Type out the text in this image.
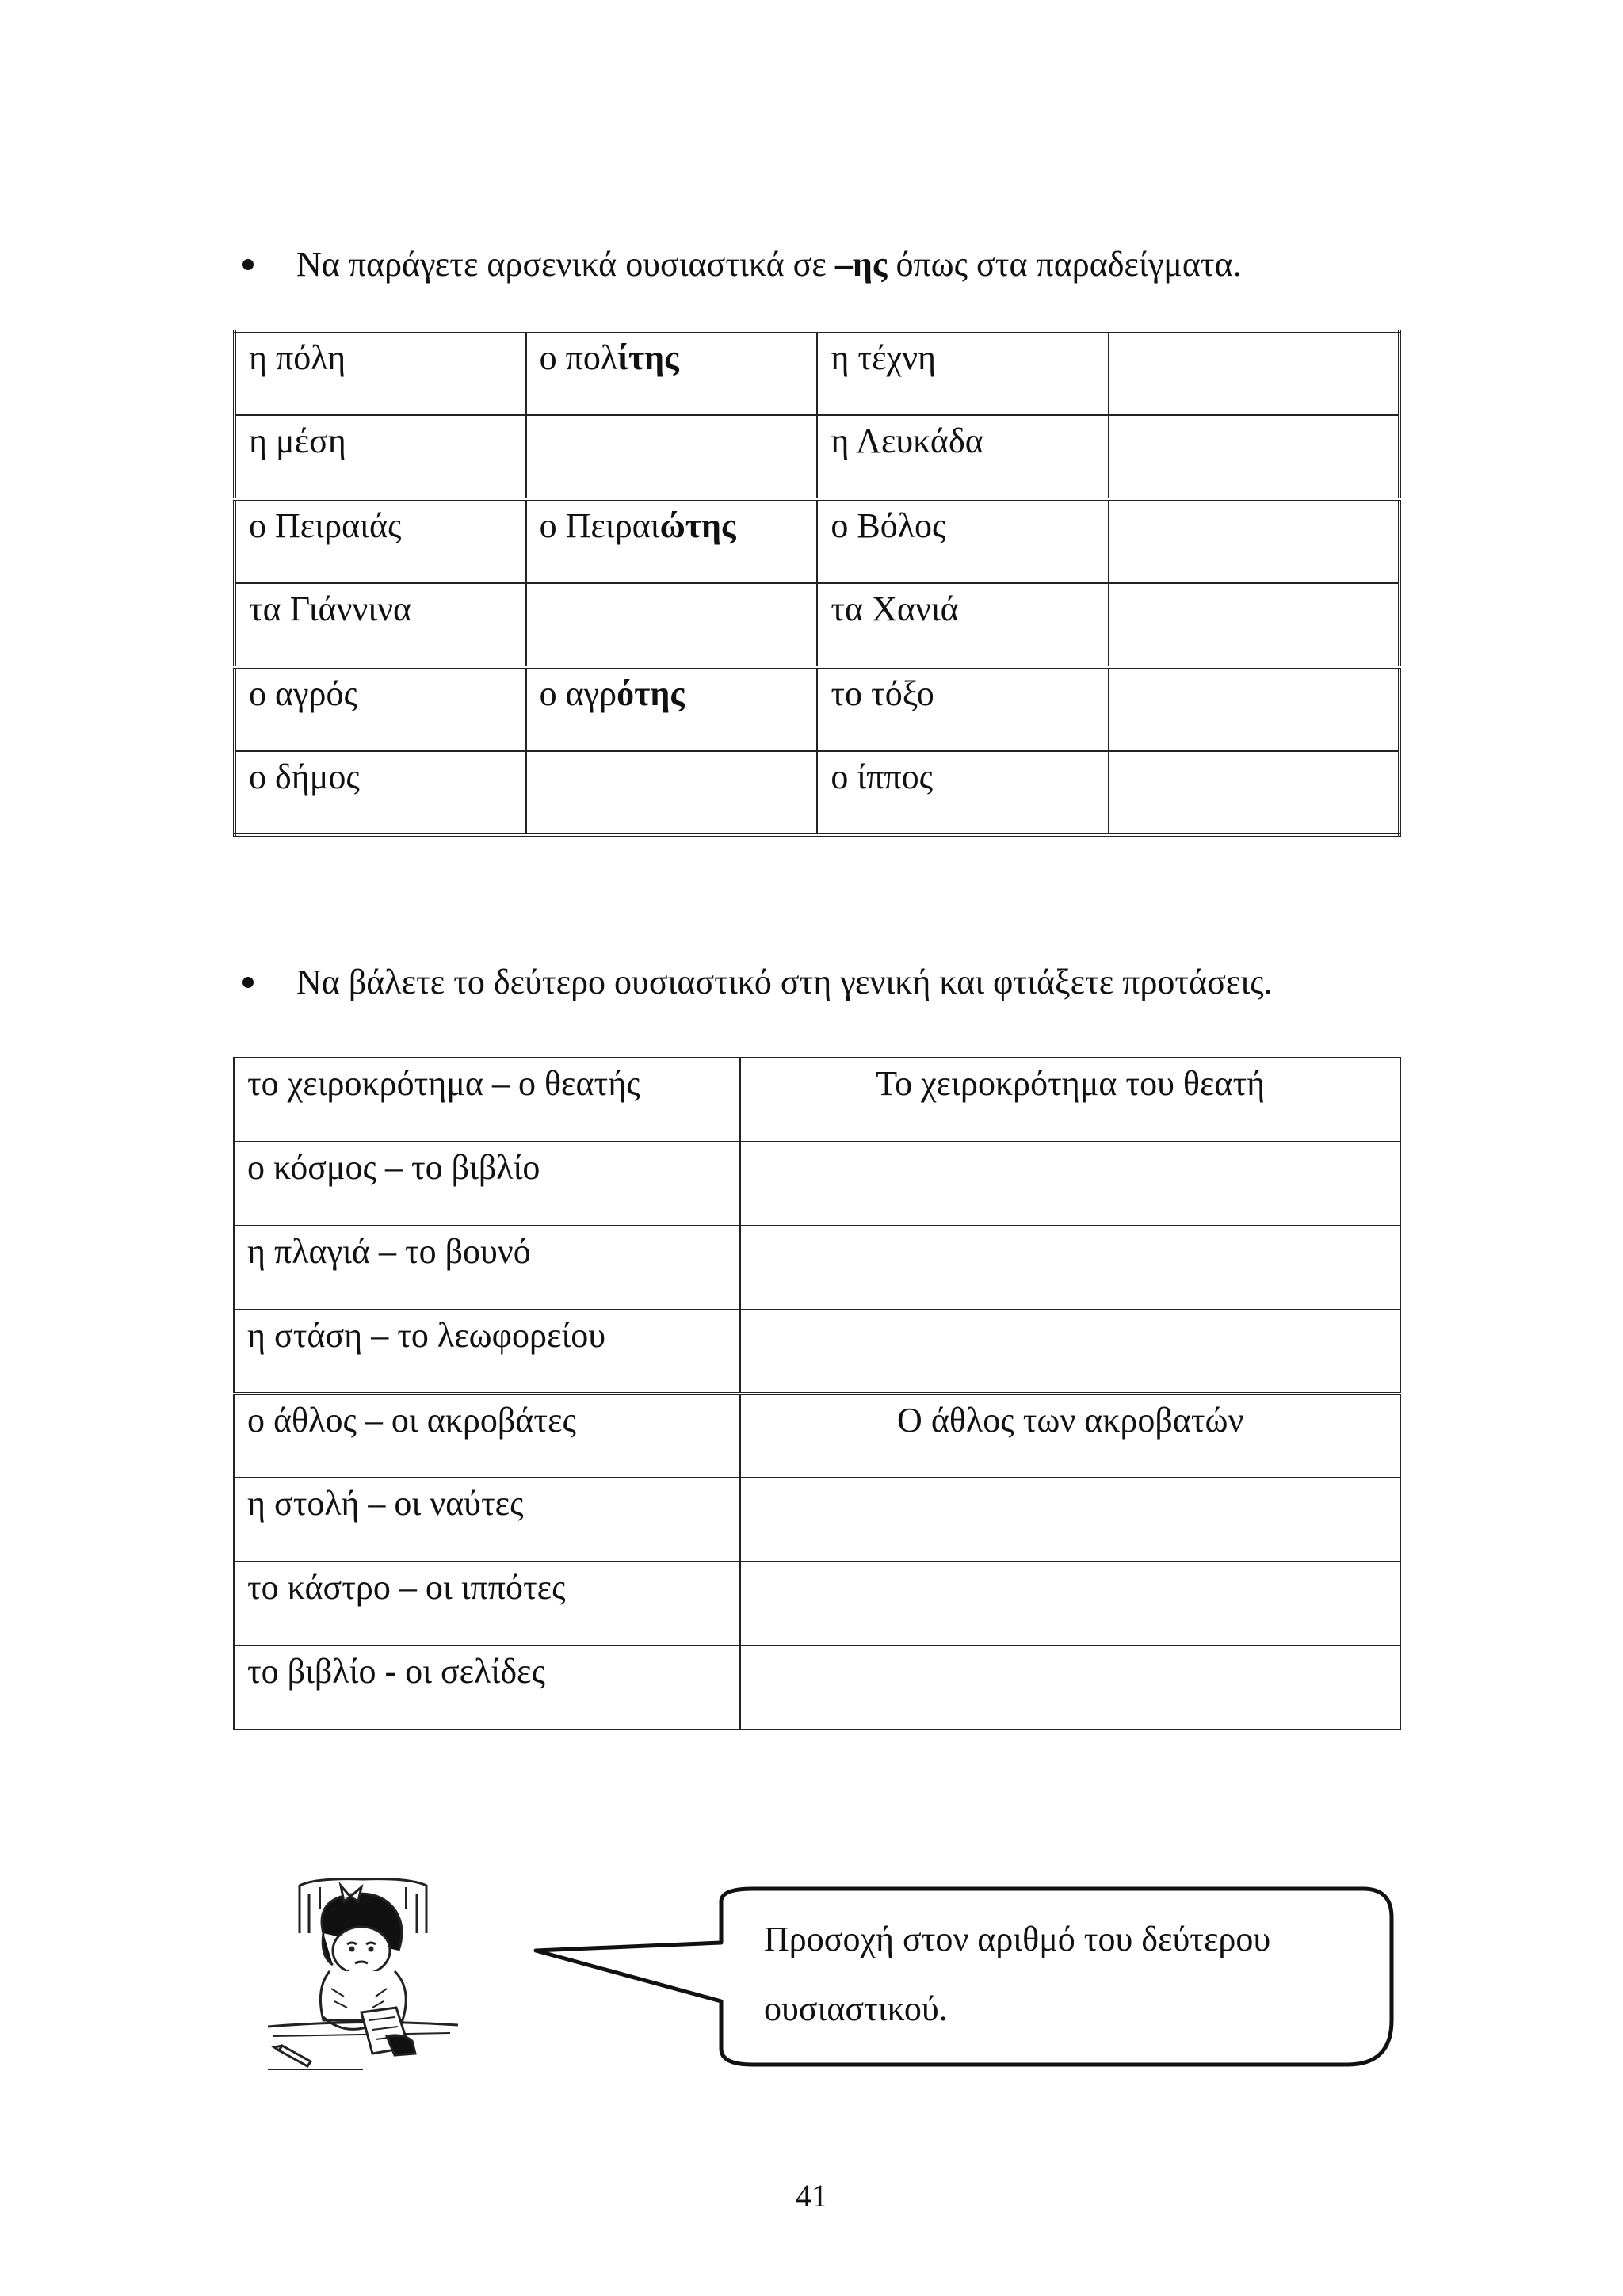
Να παράγετε αρσενικά ουσιαστικά σε –ης όπως στα παραδείγματα.
η πόλη	ο πολίτης	η τέχνη	
η μέση		η Λευκάδα	
ο Πειραιάς	ο Πειραιώτης	ο Βόλος	
τα Γιάννινα		τα Χανιά	
ο αγρός	ο αγρότης	το τόξο	
ο δήμος		ο ίππος	
Να βάλετε το δεύτερο ουσιαστικό στη γενική και φτιάξετε προτάσεις.
το χειροκρότημα – ο θεατής	Το χειροκρότημα του θεατή
ο κόσμος – το βιβλίο	
η πλαγιά – το βουνό	
η στάση – το λεωφορείου	
ο άθλος – οι ακροβάτες	Ο άθλος των ακροβατών
η στολή – οι ναύτες	
το κάστρο – οι ιππότες	
το βιβλίο - οι σελίδες	
Προσοχή στον αριθμό του δεύτερου
ουσιαστικού.
41
